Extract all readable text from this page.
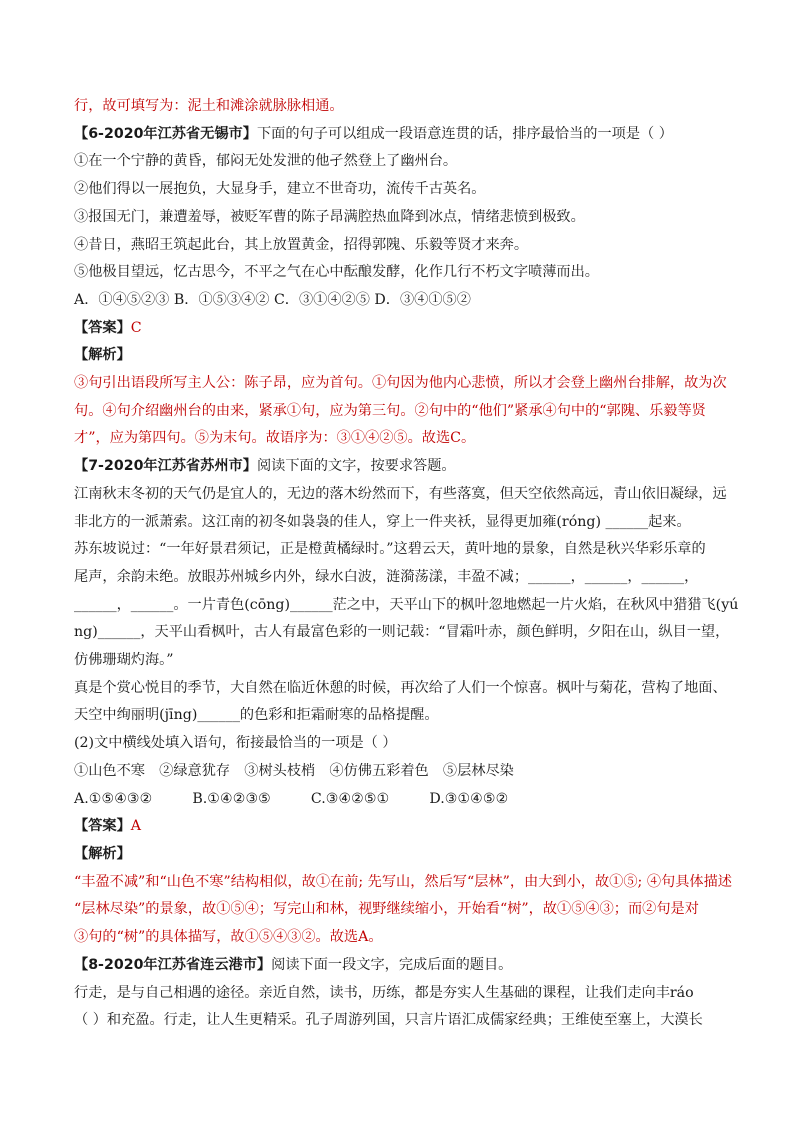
行，故可填写为：泥土和滩涂就脉脉相通。

【6-2020年江苏省无锡市】下面的句子可以组成一段语意连贯的话，排序最恰当的一项是（ ）

①在一个宁静的黄昏，郁闷无处发泄的他孑然登上了幽州台。

②他们得以一展抱负，大显身手，建立不世奇功，流传千古英名。

③报国无门，兼遭羞辱，被贬军曹的陈子昂满腔热血降到冰点，情绪悲愤到极致。

④昔日，燕昭王筑起此台，其上放置黄金，招得郭隗、乐毅等贤才来奔。

⑤他极目望远，忆古思今，不平之气在心中酝酿发酵，化作几行不朽文字喷薄而出。

A．①④⑤②③ B．①⑤③④② C．③①④②⑤ D．③④①⑤②

【答案】C

【解析】

③句引出语段所写主人公：陈子昂，应为首句。①句因为他内心悲愤，所以才会登上幽州台排解，故为次

句。④句介绍幽州台的由来，紧承①句，应为第三句。②句中的“他们”紧承④句中的“郭隗、乐毅等贤

才”，应为第四句。⑤为末句。故语序为：③①④②⑤。故选C。

【7-2020年江苏省苏州市】阅读下面的文字，按要求答题。

江南秋末冬初的天气仍是宜人的，无边的落木纷然而下，有些落寞，但天空依然高远，青山依旧凝绿，远

非北方的一派萧索。这江南的初冬如袅袅的佳人，穿上一件夹袄，显得更加雍(róng) ______起来。

苏东坡说过：“一年好景君须记，正是橙黄橘绿时。”这碧云天，黄叶地的景象，自然是秋兴华彩乐章的

尾声，余韵未绝。放眼苏州城乡内外，绿水白波，涟漪荡漾，丰盈不减；______，______，______，

______，______。一片青色(cōng)______茫之中，天平山下的枫叶忽地燃起一片火焰，在秋风中猎猎飞(yú

ng)______，天平山看枫叶，古人有最富色彩的一则记载：“冒霜叶赤，颜色鲜明，夕阳在山，纵目一望，

仿佛珊瑚灼海。”

真是个赏心悦目的季节，大自然在临近休憩的时候，再次给了人们一个惊喜。枫叶与菊花，营构了地面、

天空中绚丽明(jīng)______的色彩和拒霜耐寒的品格提醒。

(2)文中横线处填入语句，衔接最恰当的一项是（ ）

①山色不寒　②绿意犹存　③树头枝梢　④仿佛五彩着色　⑤层林尽染

A.①⑤④③②	B.①④②③⑤	C.③④②⑤①	D.③①④⑤②

【答案】A

【解析】

“丰盈不减”和“山色不寒”结构相似，故①在前; 先写山，然后写“层林”，由大到小，故①⑤; ④句具体描述

“层林尽染”的景象，故①⑤④；写完山和林，视野继续缩小，开始看“树”，故①⑤④③；而②句是对

③句的“树”的具体描写，故①⑤④③②。故选A。

【8-2020年江苏省连云港市】阅读下面一段文字，完成后面的题目。

行走，是与自己相遇的途径。亲近自然，读书，历练，都是夯实人生基础的课程，让我们走向丰ráo

（ ）和充盈。行走，让人生更精采。孔子周游列国，只言片语汇成儒家经典；王维使至塞上，大漠长
